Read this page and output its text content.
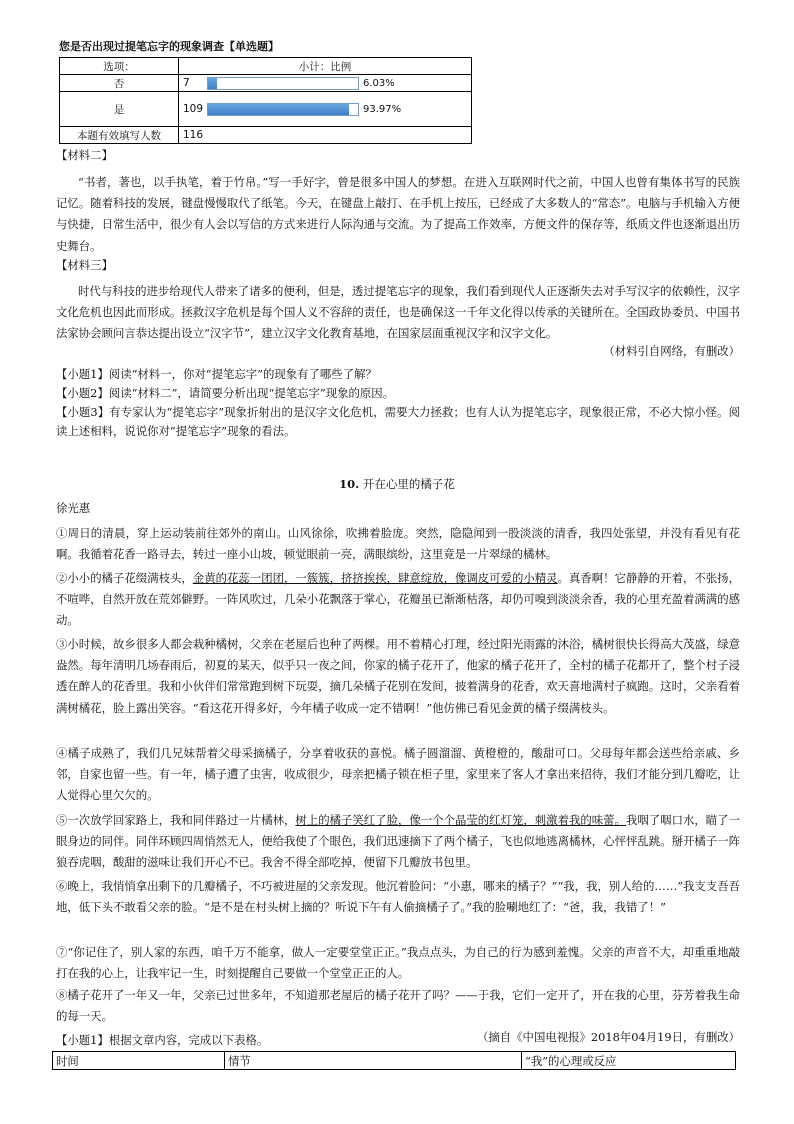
您是否出现过提笔忘字的现象调查【单选题】
选项：	小计：比例
否	7 6.03%

是	109 93.97%

本题有效填写人数	116
【材料二】
“书者，著也，以手执笔，着于竹帛。”写一手好字，曾是很多中国人的梦想。在进入互联网时代之前，中国人也曾有集体书写的民族记忆。随着科技的发展，键盘慢慢取代了纸笔。今天，在键盘上敲打、在手机上按压，已经成了大多数人的“常态”。电脑与手机输入方便与快捷，日常生活中，很少有人会以写信的方式来进行人际沟通与交流。为了提高工作效率，方便文件的保存等，纸质文件也逐渐退出历史舞台。
【材料三】
时代与科技的进步给现代人带来了诸多的便利，但是，透过提笔忘字的现象，我们看到现代人正逐渐失去对手写汉字的依赖性，汉字文化危机也因此而形成。拯救汉字危机是每个国人义不容辞的责任，也是确保这一千年文化得以传承的关键所在。全国政协委员、中国书法家协会顾问言恭达提出设立“汉字节”，建立汉字文化教育基地，在国家层面重视汉字和汉字文化。
（材料引自网络，有删改）
【小题1】阅读“材料一，你对“提笔忘字”的现象有了哪些了解？
【小题2】阅读“材料二”，请简要分析出现“提笔忘字”现象的原因。
【小题3】有专家认为“提笔忘字”现象折射出的是汉字文化危机，需要大力拯救；也有人认为提笔忘字，现象很正常，不必大惊小怪。阅读上述相料，说说你对“提笔忘字”现象的看法。
10. 开在心里的橘子花
徐光惠
①周日的清晨，穿上运动装前往郊外的南山。山风徐徐，吹拂着脸庞。突然，隐隐闻到一股淡淡的清香，我四处张望，并没有看见有花啊。我循着花香一路寻去，转过一座小山坡，顿觉眼前一亮，满眼缤纷，这里竟是一片翠绿的橘林。
②小小的橘子花缀满枝头，金黄的花蕊一团团，一簇簇，挤挤挨挨，肆意绽放，像调皮可爱的小精灵。真香啊！它静静的开着，不张扬，不喧哗，自然开放在荒郊僻野。一阵风吹过，几朵小花飘落于掌心，花瓣虽已渐渐枯落，却仍可嗅到淡淡余香，我的心里充盈着满满的感动。
③小时候，故乡很多人都会栽种橘树，父亲在老屋后也种了两棵。用不着精心打理，经过阳光雨露的沐浴，橘树很快长得高大茂盛，绿意盎然。每年清明几场春雨后，初夏的某天，似乎只一夜之间，你家的橘子花开了，他家的橘子花开了，全村的橘子花都开了，整个村子浸透在醉人的花香里。我和小伙伴们常常跑到树下玩耍，摘几朵橘子花别在发间，披着满身的花香，欢天喜地满村子疯跑。这时，父亲看着满树橘花，脸上露出笑容。“看这花开得多好，今年橘子收成一定不错啊！”他仿佛已看见金黄的橘子缀满枝头。
④橘子成熟了，我们几兄妹帮着父母采摘橘子，分享着收获的喜悦。橘子圆溜溜、黄橙橙的，酸甜可口。父母每年都会送些给亲戚、乡邻，自家也留一些。有一年，橘子遭了虫害，收成很少，母亲把橘子锁在柜子里，家里来了客人才拿出来招待，我们才能分到几瓣吃，让人觉得心里欠欠的。
⑤一次放学回家路上，我和同伴路过一片橘林，树上的橘子笑红了脸，像一个个晶莹的红灯笼，刺激着我的味蕾。我咽了咽口水，瞄了一眼身边的同伴。同伴环顾四周悄然无人，便给我使了个眼色，我们迅速摘下了两个橘子，飞也似地逃离橘林，心怦怦乱跳。掰开橘子一阵狼吞虎咽，酸甜的滋味让我们开心不已。我舍不得全部吃掉，便留下几瓣放书包里。
⑥晚上，我悄悄拿出剩下的几瓣橘子，不巧被进屋的父亲发现。他沉着脸问：“小惠，哪来的橘子？”“我，我，别人给的……”我支支吾吾地，低下头不敢看父亲的脸。“是不是在村头树上摘的？听说下午有人偷摘橘子了。”我的脸唰地红了：“爸，我，我错了！”
⑦“你记住了，别人家的东西，咱千万不能拿，做人一定要堂堂正正。”我点点头，为自己的行为感到羞愧。父亲的声音不大，却重重地敲打在我的心上，让我牢记一生，时刻提醒自己要做一个堂堂正正的人。
⑧橘子花开了一年又一年，父亲已过世多年，不知道那老屋后的橘子花开了吗？——于我，它们一定开了，开在我的心里，芬芳着我生命的每一天。
（摘自《中国电视报》2018年04月19日，有删改）
【小题1】根据文章内容，完成以下表格。
时间	情节	“我”的心理或反应
